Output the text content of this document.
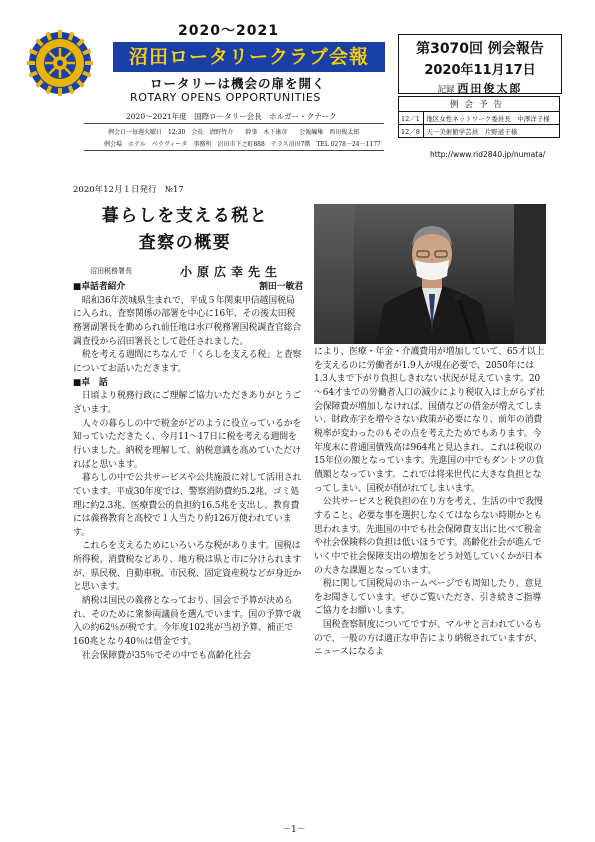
2020～2021
沼田ロータリークラブ会報
ロータリーは機会の扉を開く
ROTARY OPENS OPPORTUNITIES
2020～2021年度　国際ロータリー会長　ホルガー・クナーク
例会日一毎週火曜日　12:30　会長　清野竹介　　幹事　木下康彦　　会報編集　西田俊太郎
例会場　ホテル　ベラヴィータ　事務所　沼田市下之町888　テラス沼田7階　TEL 0278－24－1177
第3070回 例会報告
2020年11月17日
記録 西田俊太郎
例会予告	
12／1	地区女性ネットワーク委員長　中澤洋子様
12／8	天一美術館学芸員　片野道子様
http://www.rid2840.jp/numata/
2020年12月１日発行　№17
暮らしを支える税と
査察の概要
沼田税務署長	小原広幸先生
■卓話者紹介	割田一敏君

昭和36年茨城県生まれで、平成５年関東甲信越国税局に入られ、査察関係の部署を中心に16年、その後太田税務署副署長を勤められ前任地は水戸税務署国税調査官総合調査役から沼田署長として赴任されました。

税を考える週間にちなんで「くらしを支える税」と査察についてお話いただきます。

■卓　話

日頃より税務行政にご理解ご協力いただきありがとうございます。

人々の暮らしの中で税金がどのように役立っているかを知っていただきたく、今月11～17日に税を考える週間を行いました。納税を理解して、納税意識を高めていただければと思います。

暮らしの中で公共サービスや公共施設に対して活用されています。平成30年度では、警察消防費約5.2兆、ゴミ処理に約2.3兆、医療費公的負担約16.5兆を支出し、教育費には義務教育と高校で１人当たり約126万便われています。

これらを支えるためにいろいろな税があります。国税は所得税、消費税などあり、地方税は県と市に分けられますが、県民税、自動車税、市民税、固定資産税などが身近かと思います。

納税は国民の義務となっており、国会で予算が決められ、そのために衆参両議員を選んでいます。国の予算で歳入の約62％が税です。今年度102兆が当初予算、補正で160兆となり40％は借金です。

社会保障費が35％でその中でも高齢化社会

により、医療・年金・介護費用が増加していて、65才以上を支えるのに労働者が1.9人が現在必要で、2050年には1.3人まで下がり負担しきれない状況が見えています。20～64才までの労働者人口の減少により税収入は上がらず社会保障費が増加しなければ、国債などの借金が増えてしまい、財政赤字を増やさない政策が必要になり、前年の消費税率が変わったのもその点を考えたためでもあります。今年度末に普通国債残高は964兆と見込まれ、これは税収の15年位の額となっています。先進国の中でもダントツの負債額となっています。これでは将来世代に大きな負担となってしまい、国税が削がれてしまいます。

公共サービスと税負担の在り方を考え、生活の中で我慢すること、必要な事を選択しなくてはならない時期かとも思われます。先進国の中でも社会保障費支出に比べて税金や社会保険料の負担は低いほうです。高齢化社会が進んでいく中で社会保障支出の増加をどう対処していくかが日本の大きな課題となっています。

税に関して国税局のホームページでも周知したり、意見をお聞きしています。ぜひご覧いただき、引き続きご指導ご協力をお願いします。

国税査察制度についてですが、マルサと言われているもので、一般の方は適正な申告により納税されていますが、ニュースになるよ

－1－
